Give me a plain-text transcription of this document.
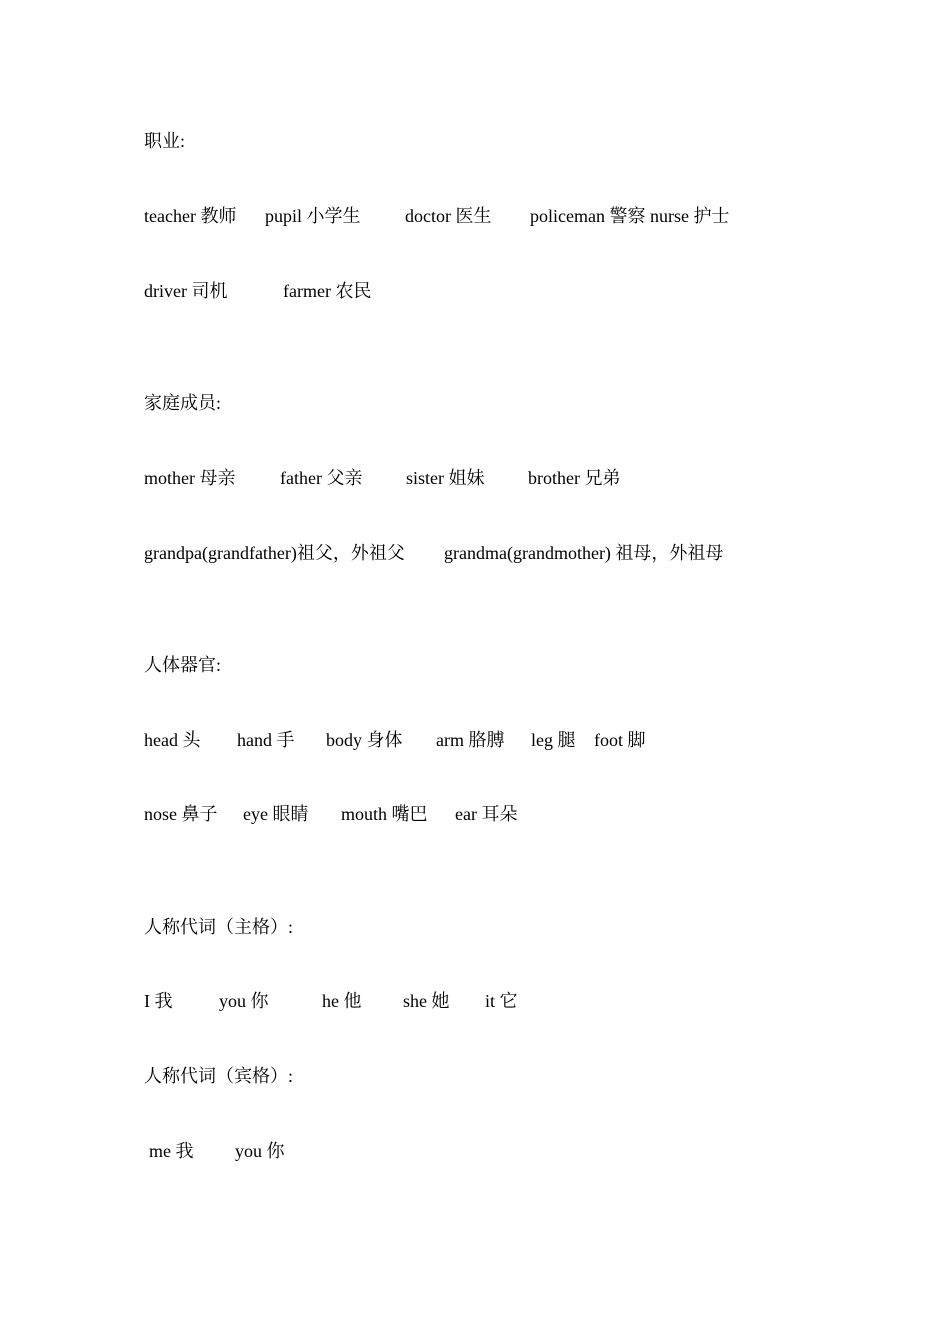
职业:

teacher 教师

pupil 小学生

doctor 医生

policeman 警察 nurse 护士

driver 司机

	farmer 农民

家庭成员:

mother 母亲

father 父亲

sister 姐妹

brother 兄弟

grandpa(grandfather)祖父，外祖父

grandma(grandmother) 祖母，外祖母

人体器官:

head 头

hand 手

body 身体

arm 胳膊

leg 腿

foot 脚

nose 鼻子

eye 眼睛

mouth 嘴巴

ear 耳朵

人称代词（主格）:

I 我

	you 你

	he 他

she 她

it 它

人称代词（宾格）:

me 我

you 你
